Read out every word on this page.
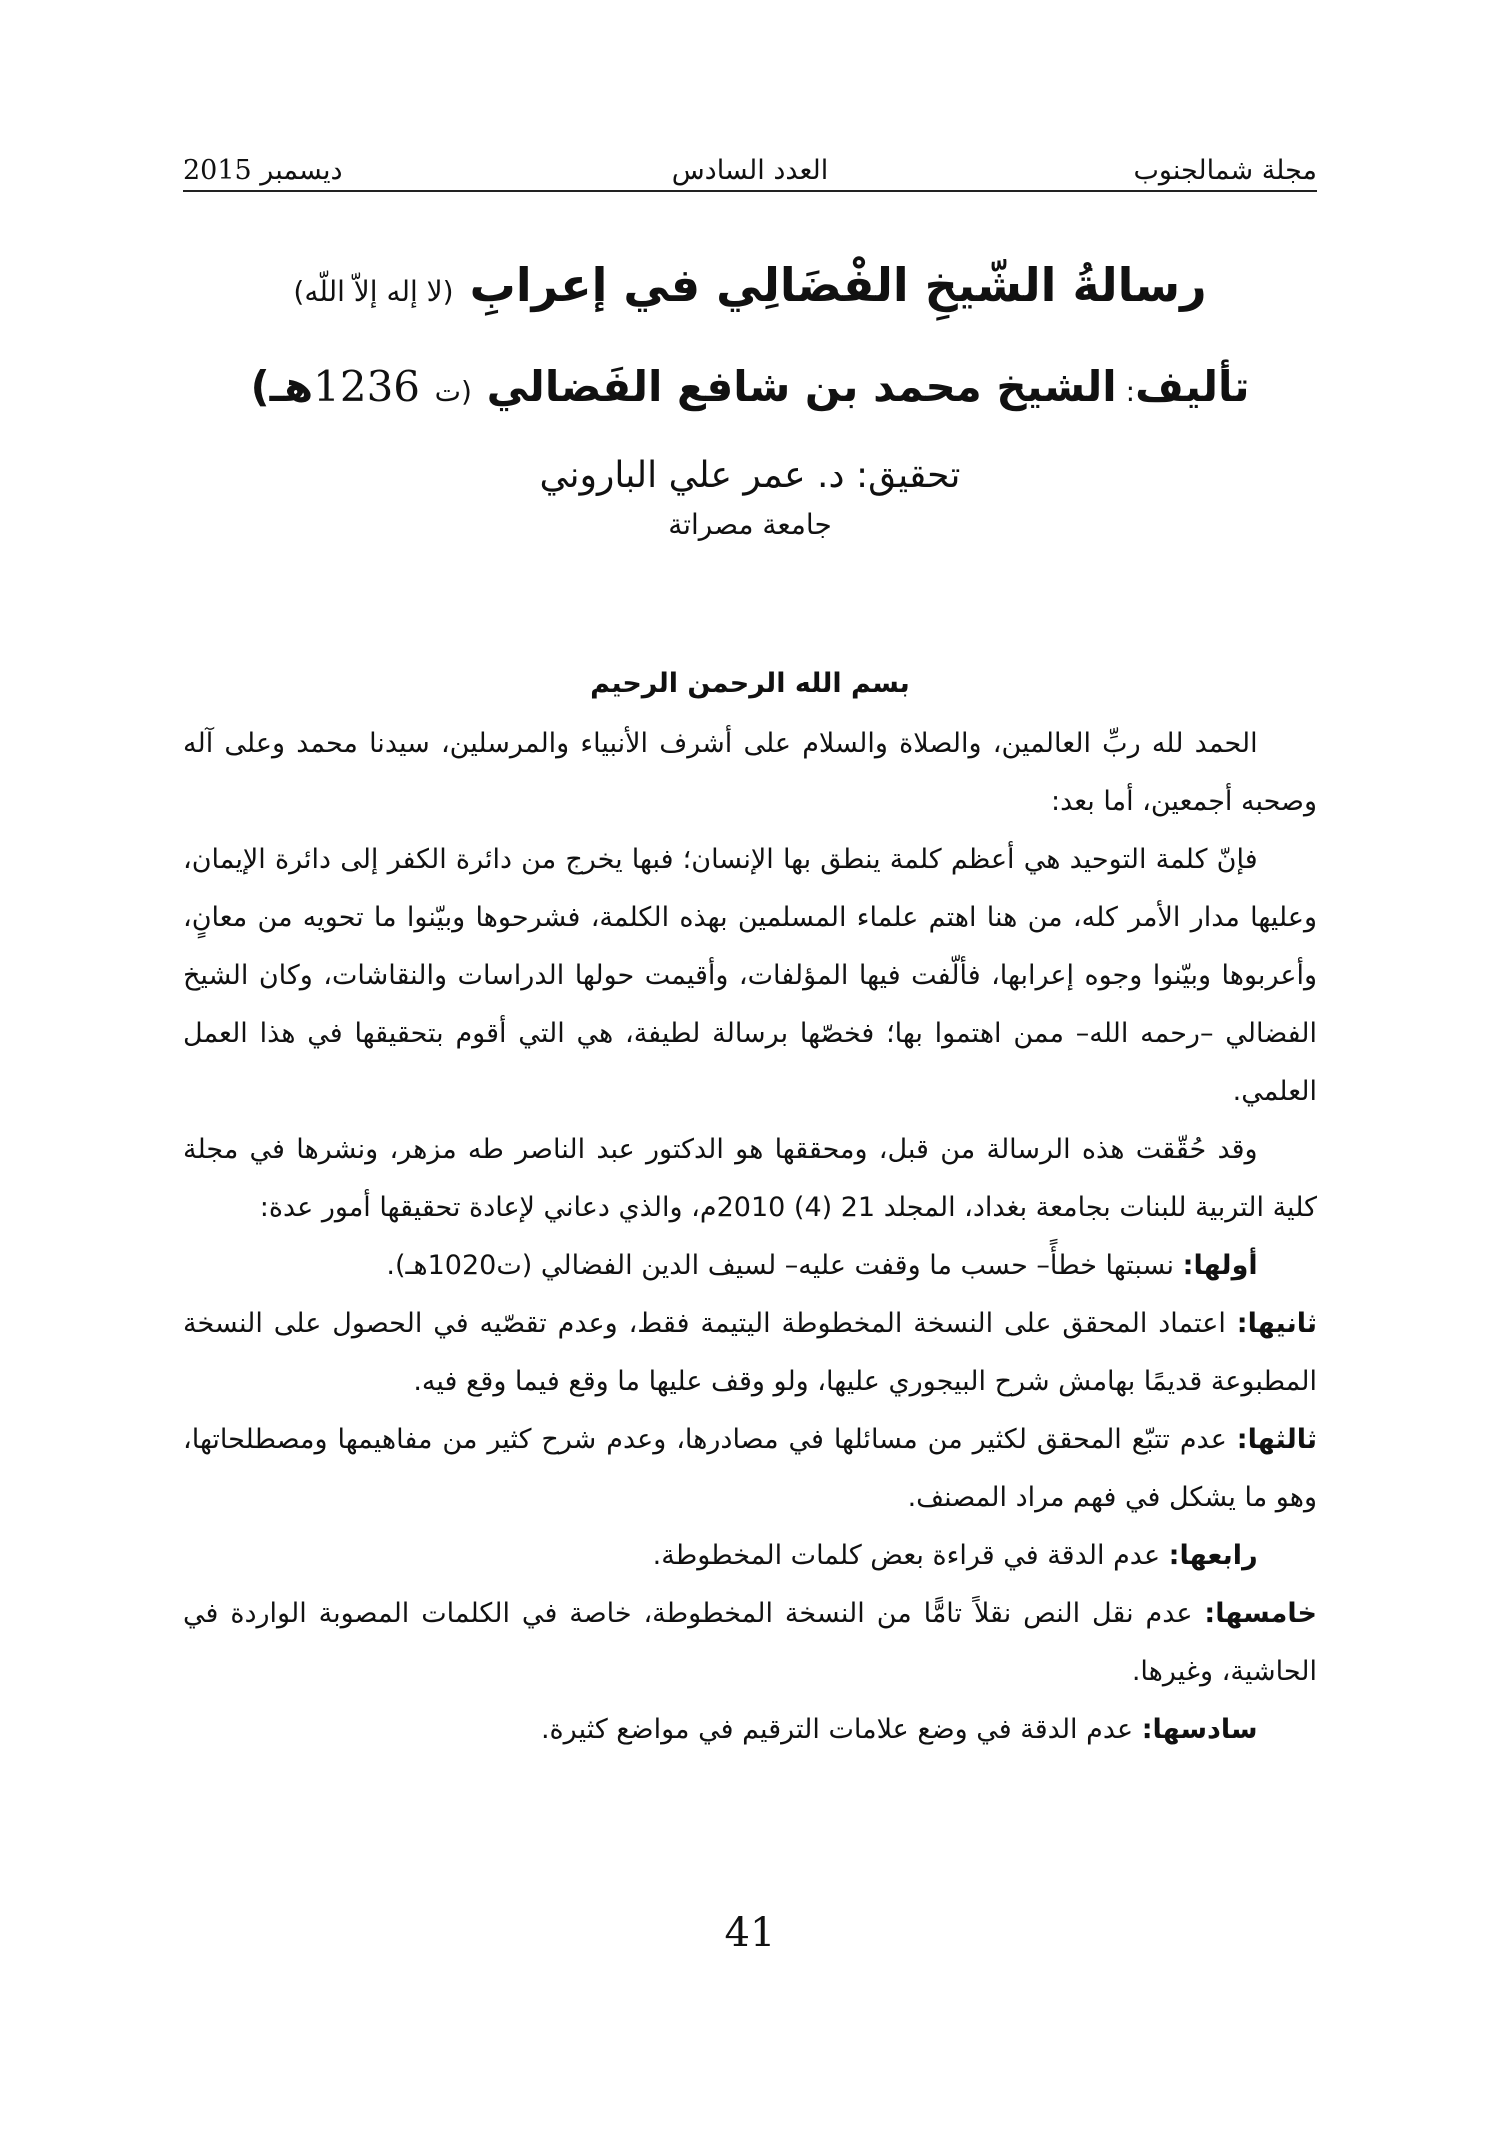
مجلة شمالجنوب
العدد السادس
ديسمبر 2015
رسالةُ الشّيخِ الفْضَالِي في إعرابِ (لا إله إلاّ اللّه)
تأليف: الشيخ محمد بن شافع الفَضالي (ت 1236هـ)
تحقيق: د. عمر علي الباروني
جامعة مصراتة
بسم الله الرحمن الرحيم

الحمد لله ربِّ العالمين، والصلاة والسلام على أشرف الأنبياء والمرسلين، سيدنا محمد وعلى آله وصحبه أجمعين، أما بعد:

فإنّ كلمة التوحيد هي أعظم كلمة ينطق بها الإنسان؛ فبها يخرج من دائرة الكفر إلى دائرة الإيمان، وعليها مدار الأمر كله، من هنا اهتم علماء المسلمين بهذه الكلمة، فشرحوها وبيّنوا ما تحويه من معانٍ، وأعربوها وبيّنوا وجوه إعرابها، فألّفت فيها المؤلفات، وأقيمت حولها الدراسات والنقاشات، وكان الشيخ الفضالي –رحمه الله– ممن اهتموا بها؛ فخصّها برسالة لطيفة، هي التي أقوم بتحقيقها في هذا العمل العلمي.

وقد حُقّقت هذه الرسالة من قبل، ومحققها هو الدكتور عبد الناصر طه مزهر، ونشرها في مجلة كلية التربية للبنات بجامعة بغداد، المجلد 21 (4) 2010م، والذي دعاني لإعادة تحقيقها أمور عدة:

أولها: نسبتها خطأً– حسب ما وقفت عليه– لسيف الدين الفضالي (ت1020هـ).

ثانيها: اعتماد المحقق على النسخة المخطوطة اليتيمة فقط، وعدم تقصّيه في الحصول على النسخة المطبوعة قديمًا بهامش شرح البيجوري عليها، ولو وقف عليها ما وقع فيما وقع فيه.

ثالثها: عدم تتبّع المحقق لكثير من مسائلها في مصادرها، وعدم شرح كثير من مفاهيمها ومصطلحاتها، وهو ما يشكل في فهم مراد المصنف.

رابعها: عدم الدقة في قراءة بعض كلمات المخطوطة.

خامسها: عدم نقل النص نقلاً تامًّا من النسخة المخطوطة، خاصة في الكلمات المصوبة الواردة في الحاشية، وغيرها.

سادسها: عدم الدقة في وضع علامات الترقيم في مواضع كثيرة.

41
